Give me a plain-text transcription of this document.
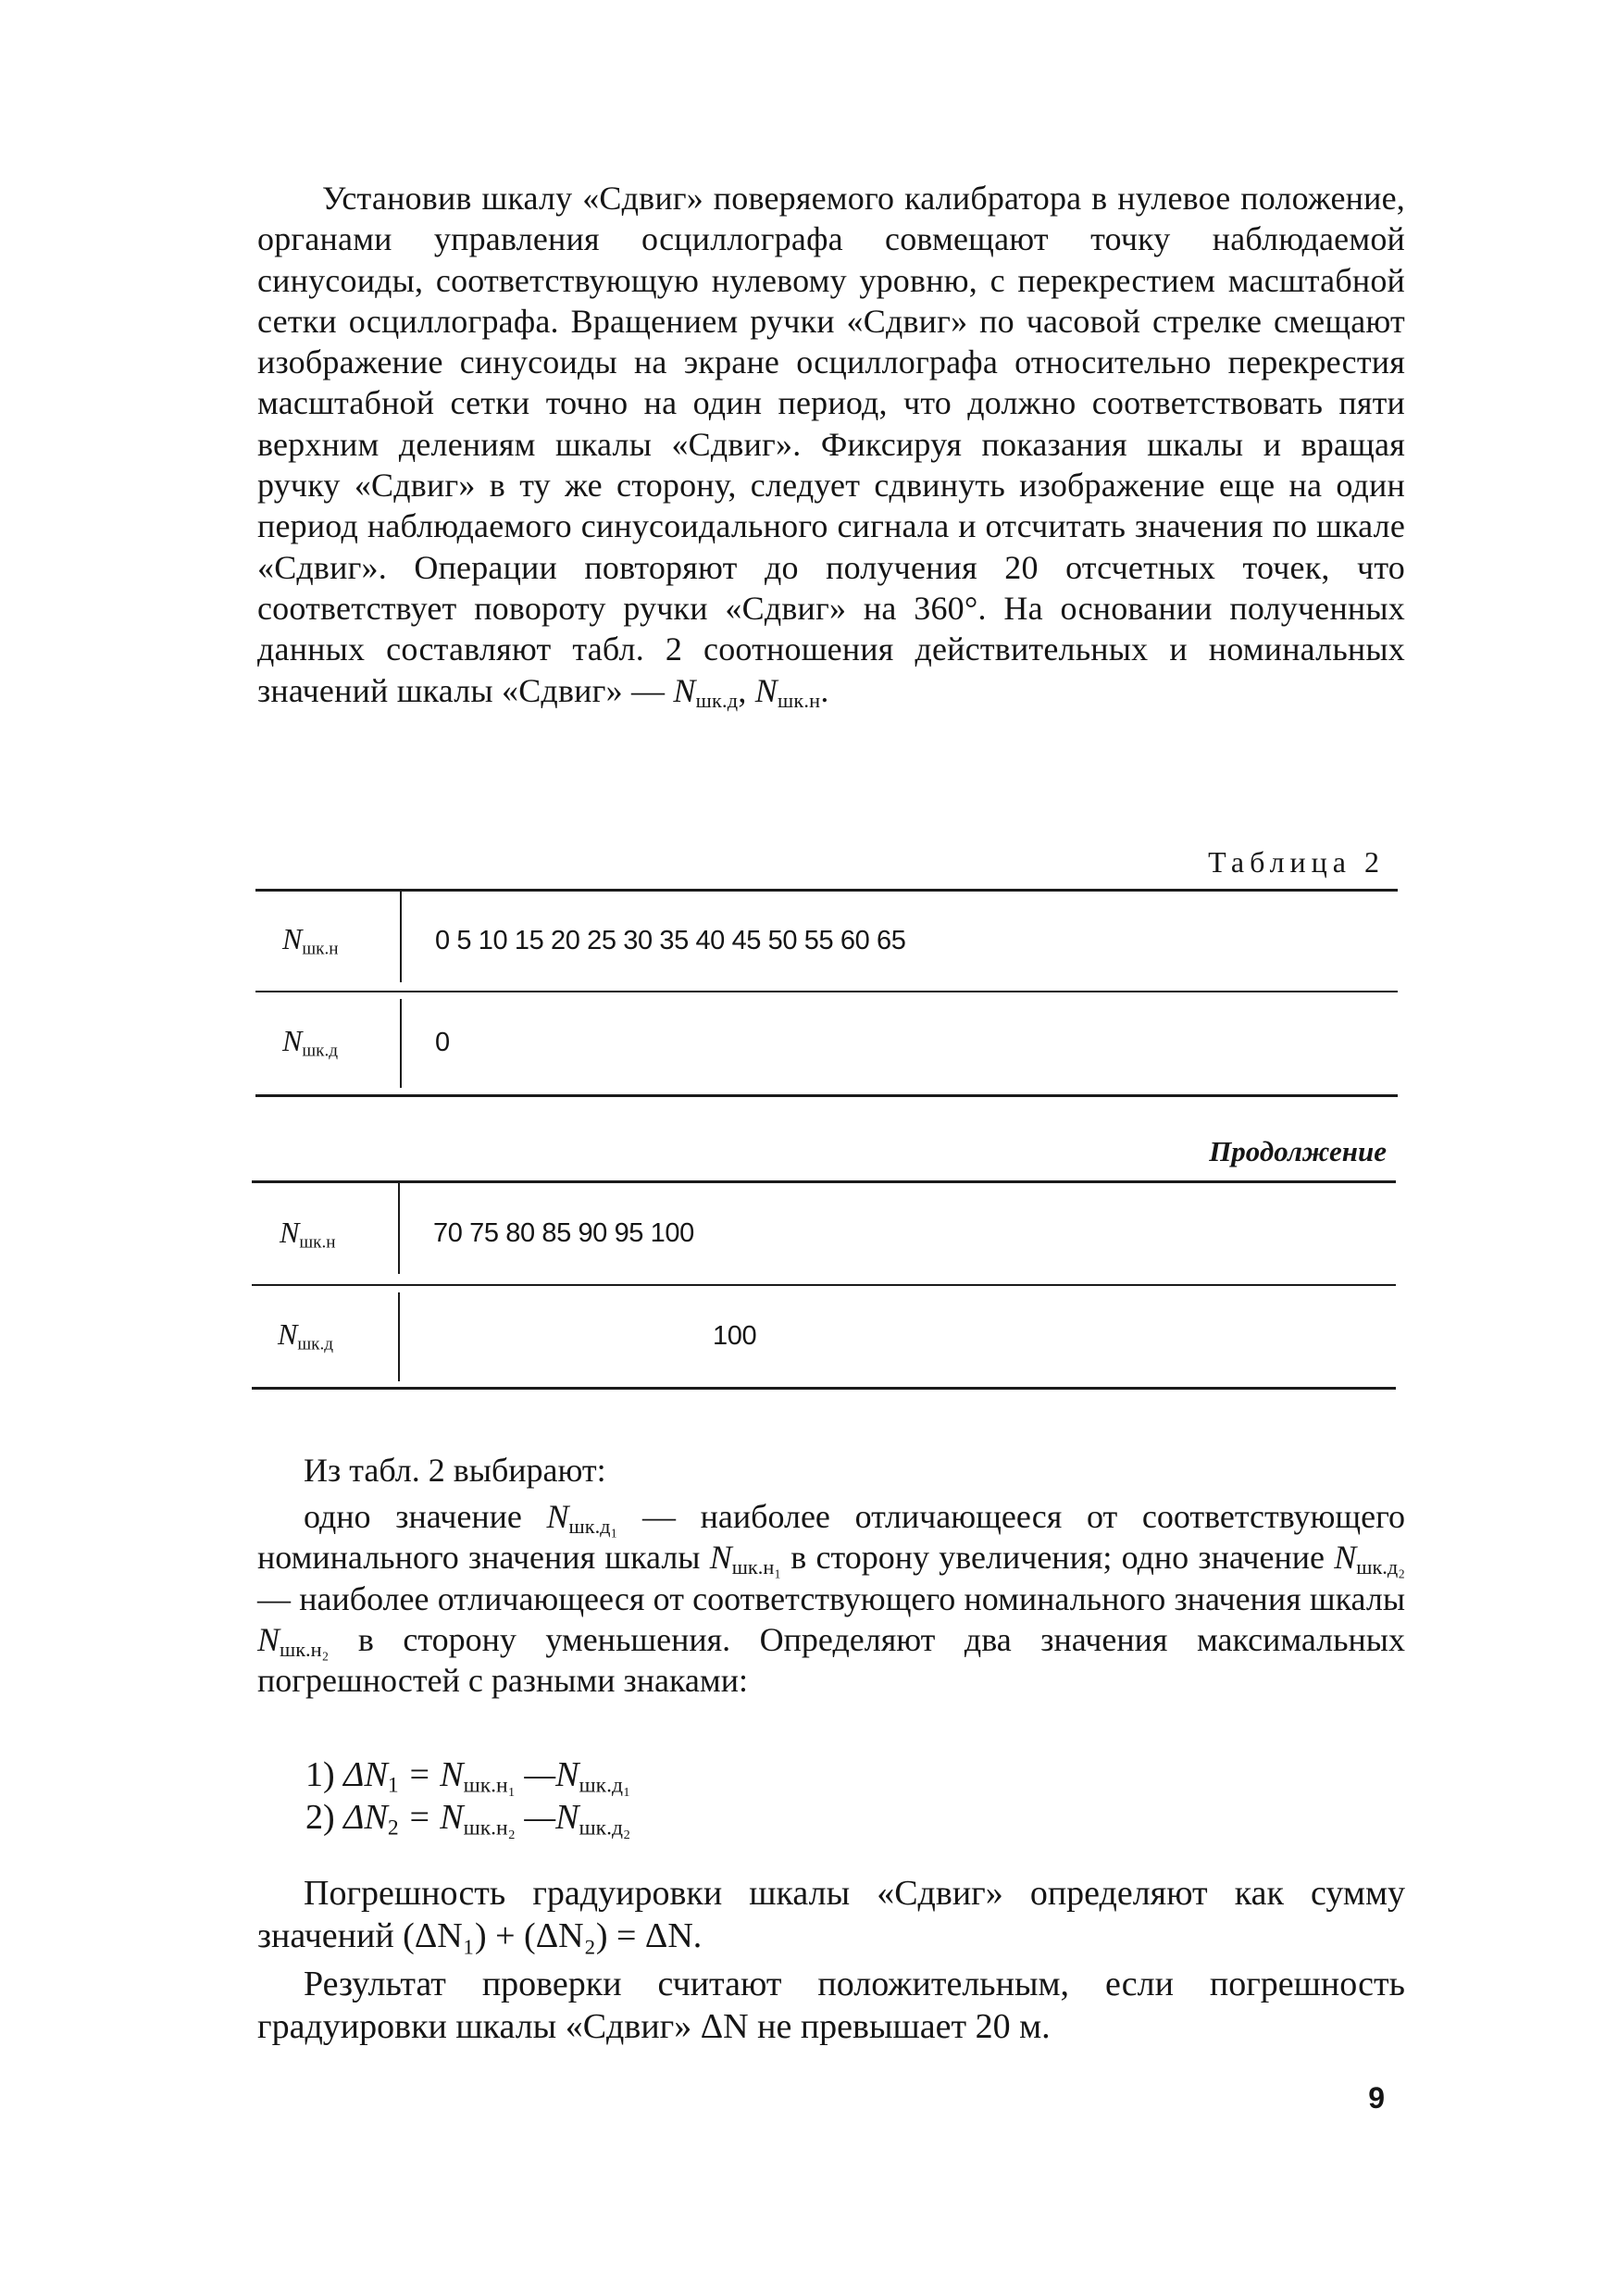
Установив шкалу «Сдвиг» поверяемого калибратора в нулевое положение, органами управления осциллографа совмещают точку наблюдаемой синусоиды, соответствующую нулевому уровню, с перекрестием масштабной сетки осциллографа. Вращением ручки «Сдвиг» по часовой стрелке смещают изображение синусоиды на экране осциллографа относительно перекрестия масштабной сетки точно на один период, что должно соответствовать пяти верхним делениям шкалы «Сдвиг». Фиксируя показания шкалы и вращая ручку «Сдвиг» в ту же сторону, следует сдвинуть изображение еще на один период наблюдаемого синусоидального сигнала и отсчитать значения по шкале «Сдвиг». Операции повторяют до получения 20 отсчетных точек, что соответствует повороту ручки «Сдвиг» на 360°. На основании полученных данных составляют табл. 2 соотношения действительных и номинальных значений шкалы «Сдвиг» — $N_{шк.д}$, $N_{шк.н}$.

Таблица 2

$N_{шк.н}$	0 5 10 15 20 25 30 35 40 45 50 55 60 65
$N_{шк.д}$	0

Продолжение

$N_{шк.н}$	70 75 80 85 90 95 100
$N_{шк.д}$	100

Из табл. 2 выбирают:

одно значение $N_{шк.д_1}$ — наиболее отличающееся от соответствующего номинального значения шкалы $N_{шк.н_1}$ в сторону увеличения; одно значение $N_{шк.д_2}$ — наиболее отличающееся от соответствующего номинального значения шкалы $N_{шк.н_2}$ в сторону уменьшения. Определяют два значения максимальных погрешностей с разными знаками:

1) $\Delta N_1 = N_{шк.н_1}$ $—N_{шк.д_1}$

2) $\Delta N_2 = N_{шк.н_2}$ $—N_{шк.д_2}$

Погрешность градуировки шкалы «Сдвиг» определяют как сумму значений (ΔN₁) + (ΔN₂) = ΔN.

Результат проверки считают положительным, если погрешность градуировки шкалы «Сдвиг» ΔN не превышает 20 м.

9
